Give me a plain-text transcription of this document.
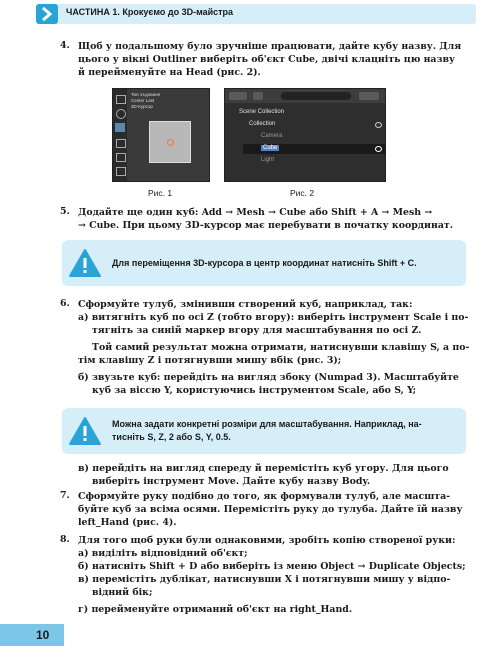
ЧАСТИНА 1. Крокуємо до 3D-майстра
4. Щоб у подальшому було зручніше працювати, дайте кубу назву. Для
цього у вікні Outliner виберіть об'єкт Cube, двічі клацніть цю назву
й перейменуйте на Head (рис. 2).
Тип з'єднання
Center Last
3D-Курсор
Рис. 1
Scene Collection
Collection
Camera
Cube
Light
Рис. 2
5. Додайте ще один куб: Add → Mesh → Cube або Shift + A → Mesh →
→ Cube. При цьому 3D-курсор має перебувати в початку координат.
Для переміщення 3D-курсора в центр координат натисніть Shift + C.
6. Сформуйте тулуб, змінивши створений куб, наприклад, так:
а) витягніть куб по осі Z (тобто вгору): виберіть інструмент Scale і по-
тягніть за синій маркер вгору для масштабування по осі Z.
Той самий результат можна отримати, натиснувши клавішу S, а по-
тім клавішу Z і потягнувши мишу вбік (рис. 3);
б) звузьте куб: перейдіть на вигляд збоку (Numpad 3). Масштабуйте
куб за віссю Y, користуючись інструментом Scale, або S, Y;
Можна задати конкретні розміри для масштабування. Наприклад, на-
тисніть S, Z, 2 або S, Y, 0.5.
в) перейдіть на вигляд спереду й перемістіть куб угору. Для цього
виберіть інструмент Move. Дайте кубу назву Body.
7. Сформуйте руку подібно до того, як формували тулуб, але масшта-
буйте куб за всіма осями. Перемістіть руку до тулуба. Дайте їй назву
left_Hand (рис. 4).
8. Для того щоб руки були однаковими, зробіть копію створеної руки:
а) виділіть відповідний об'єкт;
б) натисніть Shift + D або виберіть із меню Object → Duplicate Objects;
в) перемістіть дублікат, натиснувши X і потягнувши мишу у відпо-
відний бік;
г) перейменуйте отриманий об'єкт на right_Hand.
10
